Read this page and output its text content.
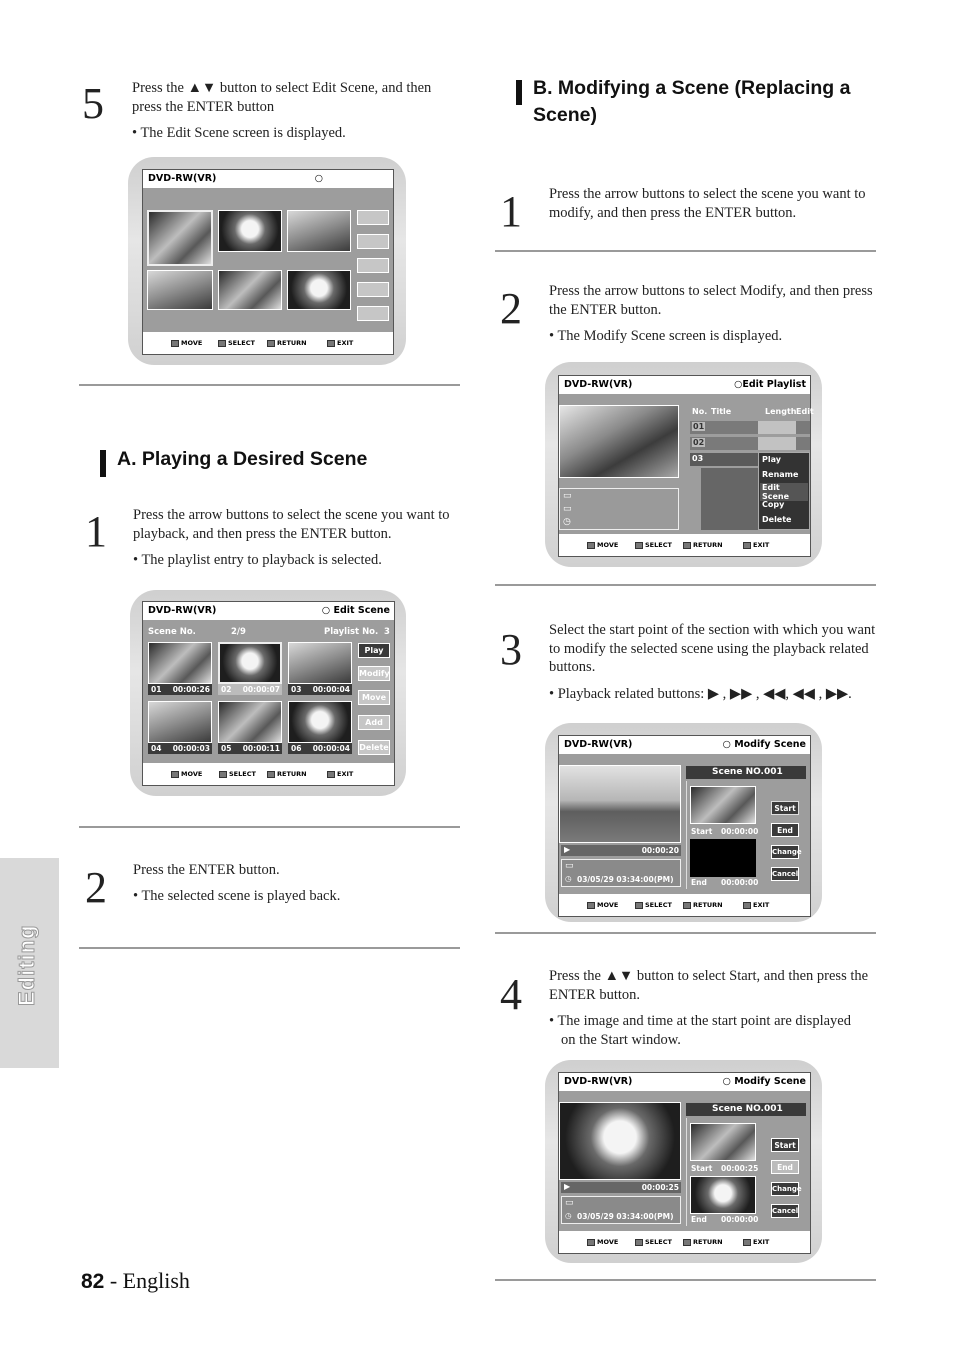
5 Press the ▲▼ button to select Edit Scene, and then press the ENTER button
• The Edit Scene screen is displayed.
DVD-RW(VR)	○
MOVE	SELECT	RETURN	EXIT
A. Playing a Desired Scene
1 Press the arrow buttons to select the scene you want to playback, and then press the ENTER button.
• The playlist entry to playback is selected.
DVD-RW(VR)	○ Edit Scene
Scene No.	2/9	Playlist No. 3
01 00:00:26 02 00:00:07 03 00:00:04
04 00:00:03 05 00:00:11 06 00:00:04
Play
Modify
Move
Add
Delete
MOVE	SELECT	RETURN	EXIT
2 Press the ENTER button.
• The selected scene is played back.
Editing
82 - English
B. Modifying a Scene (Replacing a Scene)
1 Press the arrow buttons to select the scene you want to modify, and then press the ENTER button.
2 Press the arrow buttons to select Modify, and then press the ENTER button.
• The Modify Scene screen is displayed.
DVD-RW(VR)	○Edit Playlist
▭
▭
◷
No. Title	Length Edit
01
02
03	Play
Rename
Edit Scene
Copy
Delete
MOVE	SELECT	RETURN	EXIT
3 Select the start point of the section with which you want to modify the selected scene using the playback related buttons.
• Playback related buttons: ▶ , ▶▶ , ◀◀, ◀◀ , ▶▶.
DVD-RW(VR)	○ Modify Scene
▶	00:00:20
▭
◷ 03/05/29 03:34:00(PM)
Scene NO.001
Start 00:00:00
End 00:00:00
Start
End
Change
Cancel
MOVE	SELECT	RETURN	EXIT
4 Press the ▲▼ button to select Start, and then press the ENTER button.
• The image and time at the start point are displayed on the Start window.
DVD-RW(VR)	○ Modify Scene
▶	00:00:25
▭
◷ 03/05/29 03:34:00(PM)
Scene NO.001
Start 00:00:25
End 00:00:00
Start
End
Change
Cancel
MOVE	SELECT	RETURN	EXIT
